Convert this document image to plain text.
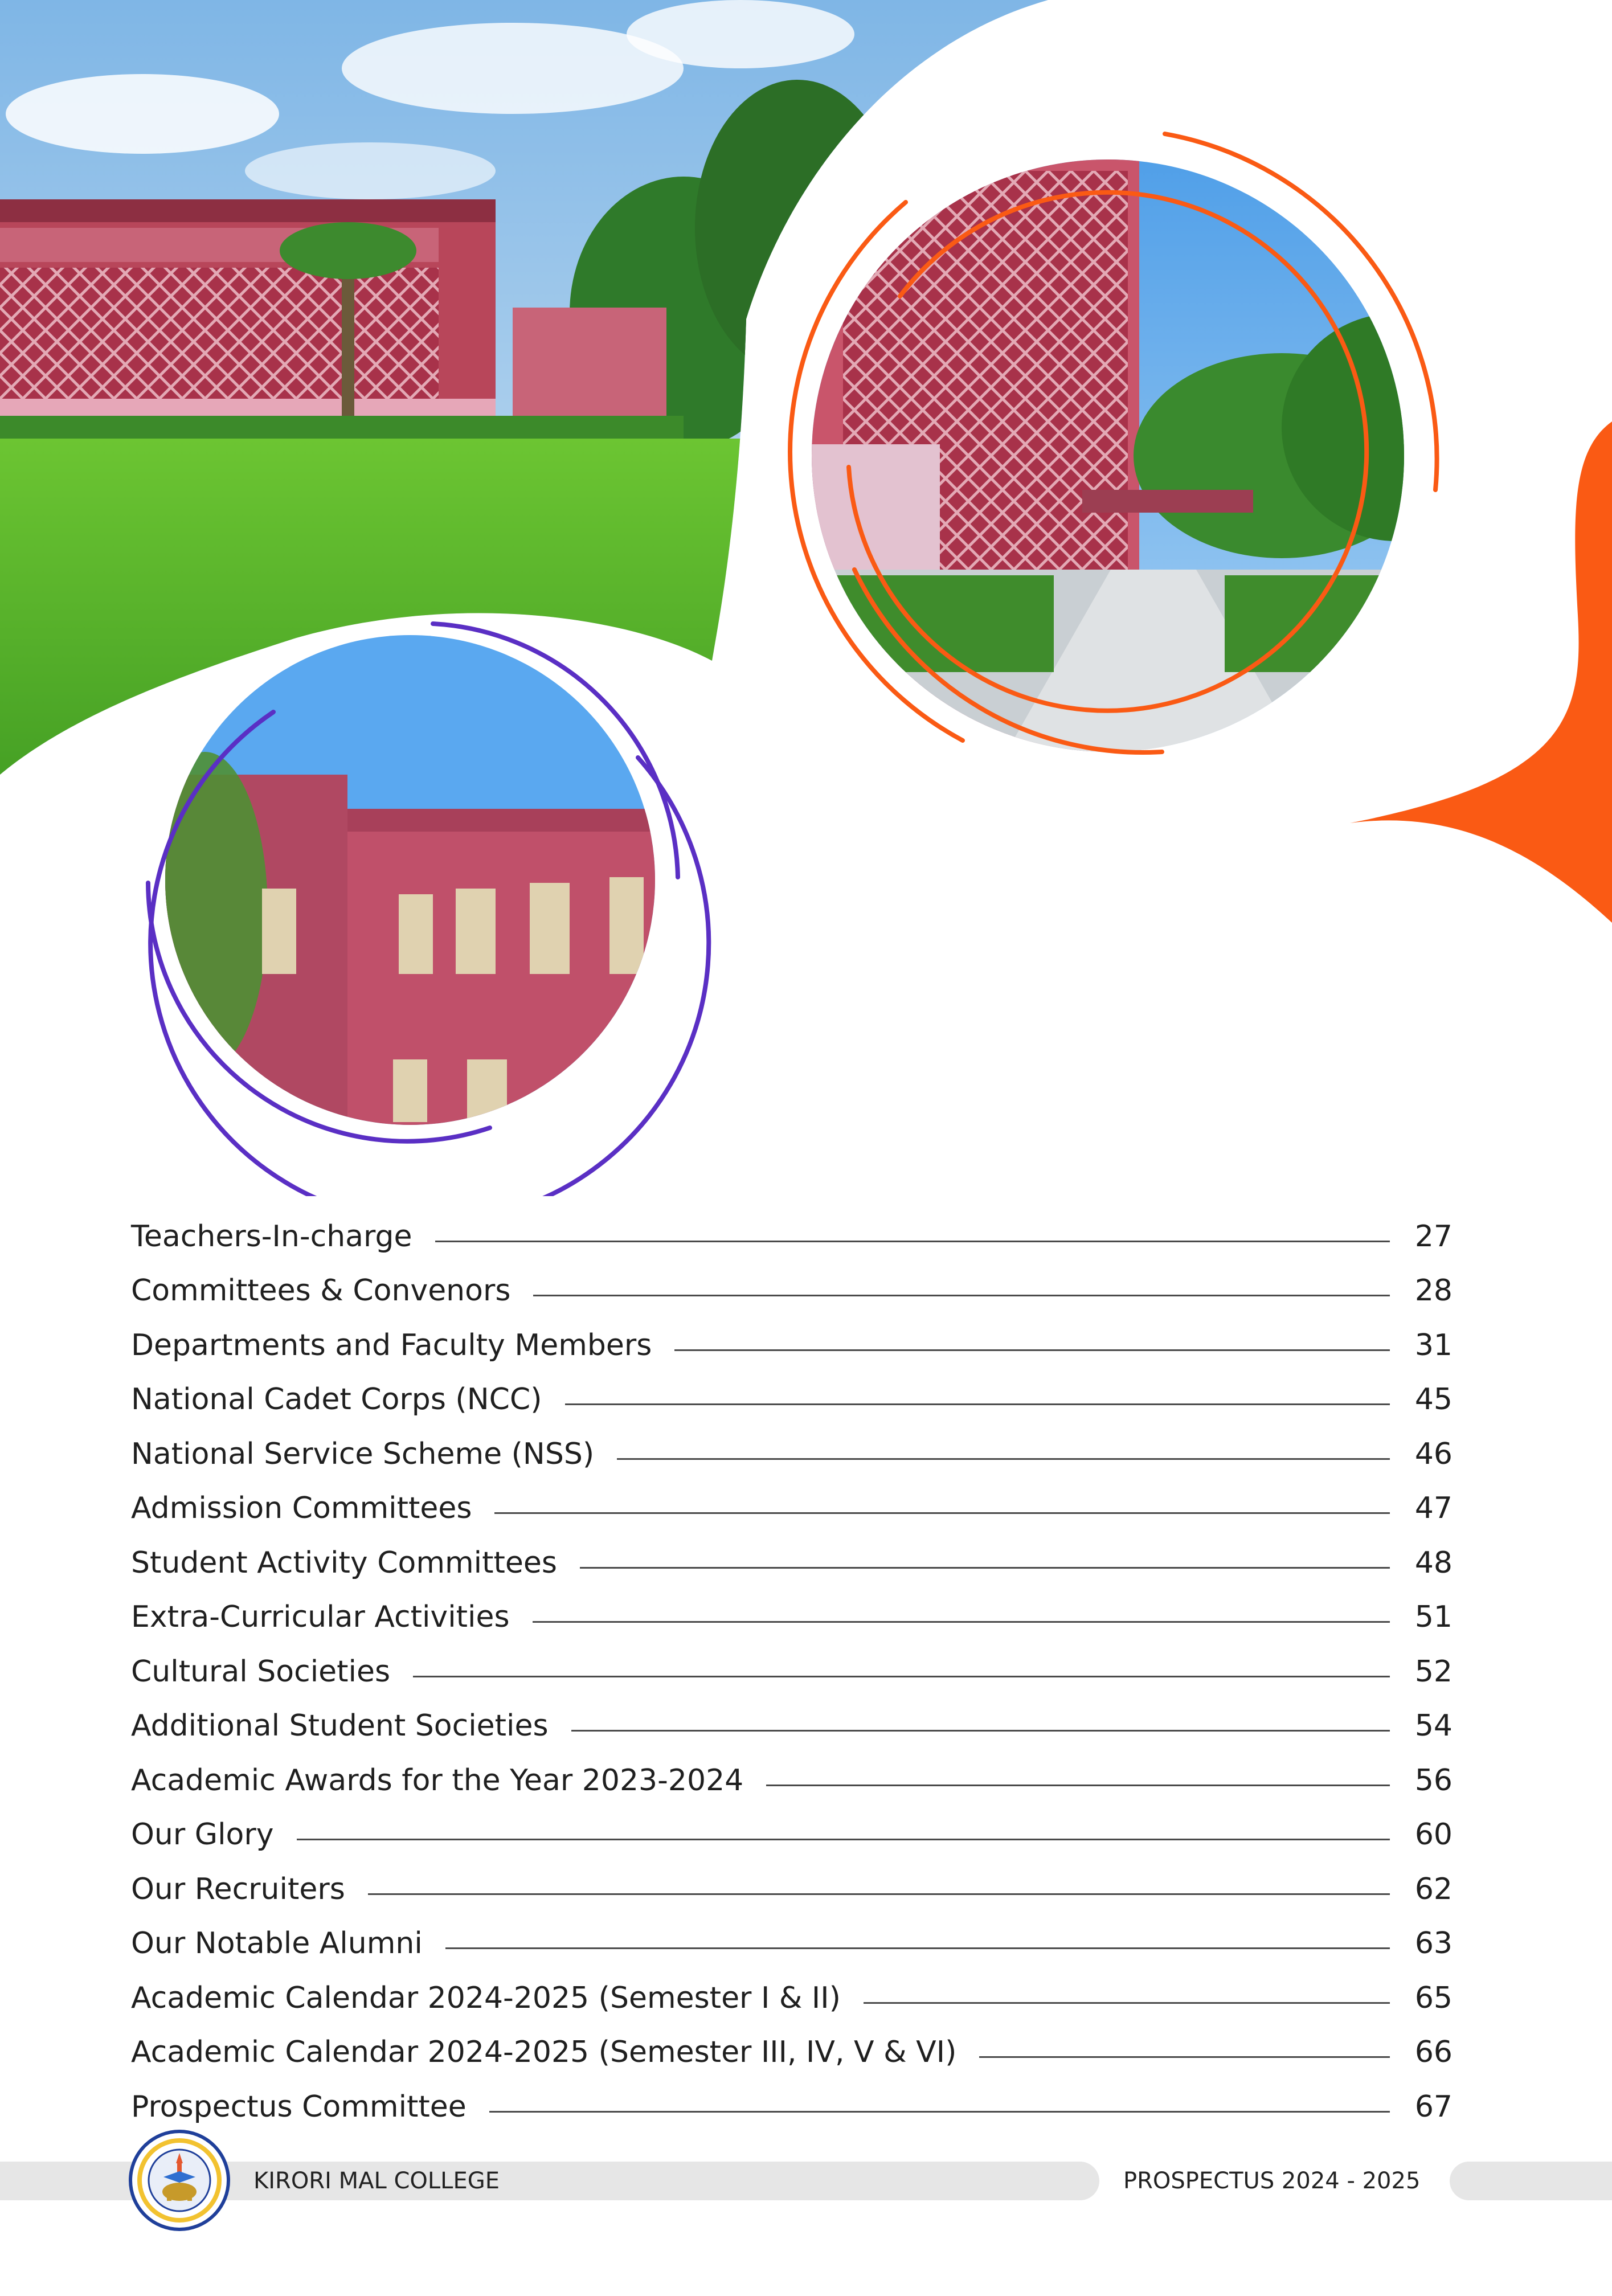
Teachers-In-charge	27
Committees & Convenors	28
Departments and Faculty Members	31
National Cadet Corps (NCC)	45
National Service Scheme (NSS)	46
Admission Committees	47
Student Activity Committees	48
Extra-Curricular Activities	51
Cultural Societies	52
Additional Student Societies	54
Academic Awards for the Year 2023-2024	56
Our Glory	60
Our Recruiters	62
Our Notable Alumni	63
Academic Calendar 2024-2025 (Semester I & II)	65
Academic Calendar 2024-2025 (Semester III, IV, V & VI)	66
Prospectus Committee	67
KIRORI MAL COLLEGE	PROSPECTUS 2024 - 2025
